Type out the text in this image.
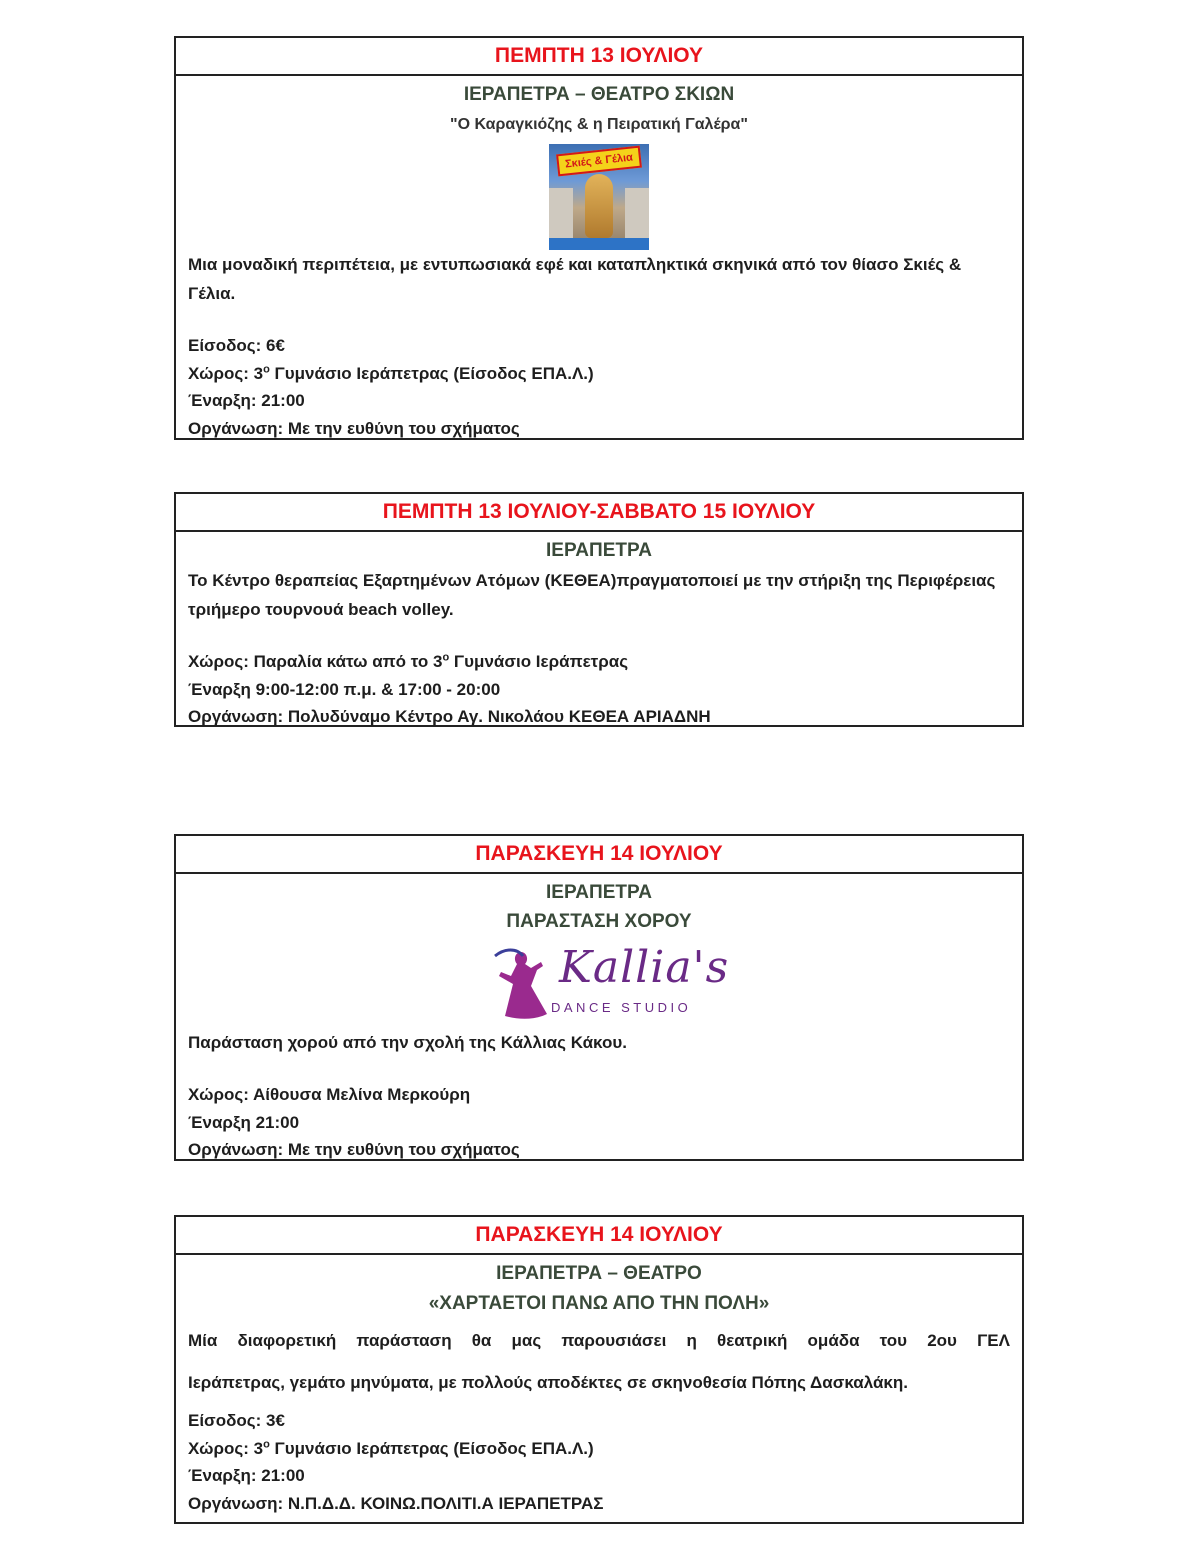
ΠΕΜΠΤΗ 13 ΙΟΥΛΙΟΥ
ΙΕΡΑΠΕΤΡΑ – ΘΕΑΤΡΟ ΣΚΙΩΝ
"Ο Καραγκιόζης & η Πειρατική Γαλέρα"
Σκιές & Γέλια

Μια μοναδική περιπέτεια, με εντυπωσιακά εφέ και καταπληκτικά σκηνικά από τον θίασο Σκιές & Γέλια.

Είσοδος: 6€

Χώρος: $3^o$ Γυμνάσιο Ιεράπετρας (Είσοδος ΕΠΑ.Λ.)

Έναρξη: 21:00

Οργάνωση: Με την ευθύνη του σχήματος

ΠΕΜΠΤΗ 13 ΙΟΥΛΙΟΥ-ΣΑΒΒΑΤΟ 15 ΙΟΥΛΙΟΥ
ΙΕΡΑΠΕΤΡΑ

Το Κέντρο θεραπείας Εξαρτημένων Ατόμων (ΚΕΘΕΑ)πραγματοποιεί με την στήριξη της Περιφέρειας τριήμερο τουρνουά beach volley.

Χώρος: Παραλία κάτω από το $3^o$ Γυμνάσιο Ιεράπετρας

Έναρξη 9:00-12:00 π.μ. & 17:00 - 20:00

Οργάνωση: Πολυδύναμο Κέντρο Αγ. Νικολάου ΚΕΘΕΑ ΑΡΙΑΔΝΗ

ΠΑΡΑΣΚΕΥΗ 14 ΙΟΥΛΙΟΥ
ΙΕΡΑΠΕΤΡΑ
ΠΑΡΑΣΤΑΣΗ ΧΟΡΟΥ
Kallia's
DANCE STUDIO

Παράσταση χορού από την σχολή της Κάλλιας Κάκου.

Χώρος: Αίθουσα Μελίνα Μερκούρη

Έναρξη 21:00

Οργάνωση: Με την ευθύνη του σχήματος

ΠΑΡΑΣΚΕΥΗ 14 ΙΟΥΛΙΟΥ
ΙΕΡΑΠΕΤΡΑ – ΘΕΑΤΡΟ
«ΧΑΡΤΑΕΤΟΙ ΠΑΝΩ ΑΠΟ ΤΗΝ ΠΟΛΗ»

Μία διαφορετική παράσταση θα μας παρουσιάσει η θεατρική ομάδα του 2ου ΓΕΛ

Ιεράπετρας, γεμάτο μηνύματα, με πολλούς αποδέκτες σε σκηνοθεσία Πόπης Δασκαλάκη.

Είσοδος: 3€

Χώρος: $3^o$ Γυμνάσιο Ιεράπετρας (Είσοδος ΕΠΑ.Λ.)

Έναρξη: 21:00

Οργάνωση: Ν.Π.Δ.Δ. ΚΟΙΝΩ.ΠΟΛΙΤΙ.Α ΙΕΡΑΠΕΤΡΑΣ
